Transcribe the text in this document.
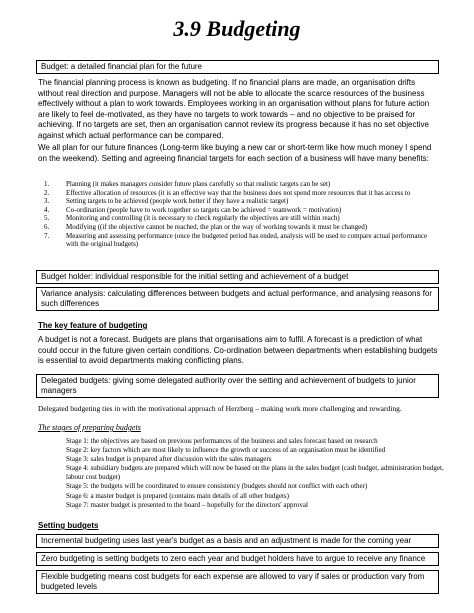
3.9 Budgeting
Budget: a detailed financial plan for the future
The financial planning process is known as budgeting. If no financial plans are made, an organisation drifts without real direction and purpose. Managers will not be able to allocate the scarce resources of the business effectively without a plan to work towards. Employees working in an organisation without plans for future action are likely to feel de-motivated, as they have no targets to work towards – and no objective to be praised for achieving. If no targets are set, then an organisation cannot review its progress because it has no set objective against which actual performance can be compared.
We all plan for our future finances (Long-term like buying a new car or short-term like how much money I spend on the weekend). Setting and agreeing financial targets for each section of a business will have many benefits:
1.	Planning (it makes managers consider future plans carefully so that realistic targets can be set)
2.	Effective allocation of resources (it is an effective way that the business does not spend more resources that it has access to
3.	Setting targets to be achieved (people work better if they have a realistic target)
4.	Co-ordination (people have to work together so targets can be achieved = teamwork = motivation)
5.	Monitoring and controlling (it is necessary to check regularly the objectives are still within reach)
6.	Modifying ((if the objective cannot be reached, the plan or the way of working towards it must be changed)
7.	Measuring and assessing performance (once the budgeted period has ended, analysis will be used to compare actual performance with the original budgets)
Budget holder: individual responsible for the initial setting and achievement of a budget
Variance analysis: calculating differences between budgets and actual performance, and analysing reasons for such differences
The key feature of budgeting
A budget is not a forecast. Budgets are plans that organisations aim to fulfil. A forecast is a prediction of what could occur in the future given certain conditions. Co-ordination between departments when establishing budgets is essential to avoid departments making conflicting plans.
Delegated budgets: giving some delegated authority over the setting and achievement of budgets to junior managers
Delegated budgeting ties in with the motivational approach of Herzberg – making work more challenging and rewarding.
The stages of preparing budgets
Stage 1: the objectives are based on previous performances of the business and sales forecast based on research
Stage 2: key factors which are most likely to influence the growth or success of an organisation must be identified
Stage 3: sales budget is prepared after discussion with the sales managers
Stage 4: subsidiary budgets are prepared which will now be based on the plans in the sales budget (cash budget, administration budget, labour cost budget)
Stage 5: the budgets will be coordinated to ensure consistency (budgets should not conflict with each other)
Stage 6: a master budget is prepared (contains main details of all other budgets)
Stage 7: master budget is presented to the board – hopefully for the directors' approval
Setting budgets
Incremental budgeting uses last year's budget as a basis and an adjustment is made for the coming year
Zero budgeting is setting budgets to zero each year and budget holders have to argue to receive any finance
Flexible budgeting means cost budgets for each expense are allowed to vary if sales or production vary from budgeted levels
